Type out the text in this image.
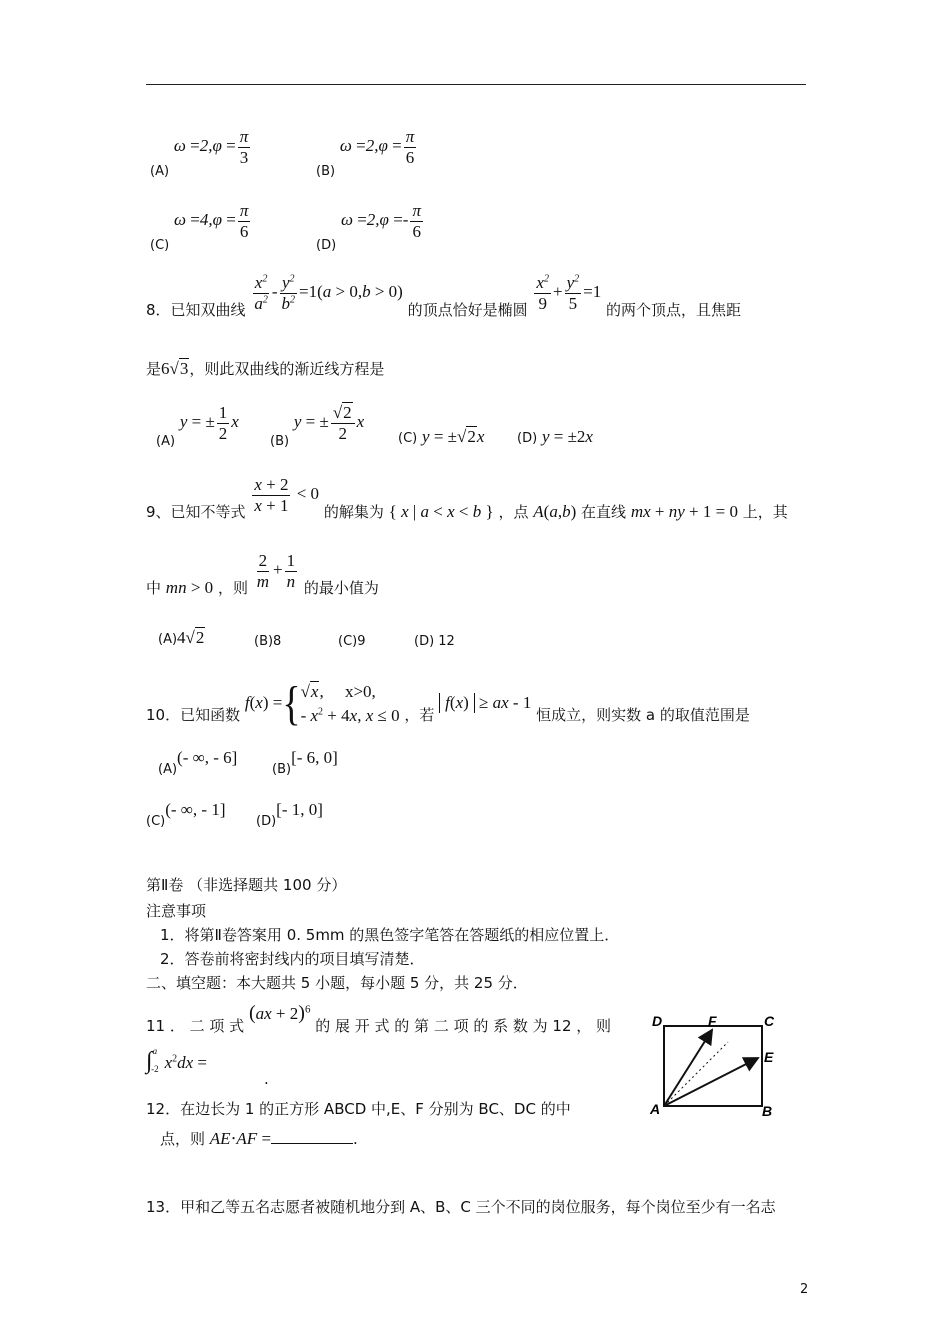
(A) $\omega =2,\varphi = \frac{\pi}{3}$
(B) $\omega =2,\varphi = \frac{\pi}{6}$
(C) $\omega =4,\varphi = \frac{\pi}{6}$
(D) $\omega =2,\varphi =- \frac{\pi}{6}$
8．已知双曲线 $\frac{x^2}{a^2} - \frac{y^2}{b^2} =1(a > 0,b > 0)$ 的顶点恰好是椭圆 $\frac{x^2}{9} + \frac{y^2}{5} =1$ 的两个顶点，且焦距
是6√3，则此双曲线的渐近线方程是
(A) y = ± $\frac{1}{2}$ x
(B) y = ± $\frac{√2}{2}$ x
(C) y = ±√2x	(D) y = ±2x
9、已知不等式 $\frac{x + 2}{x + 1} < 0$ 的解集为 { x | a < x < b } ，点 A(a,b) 在直线 mx + ny + 1 = 0 上，其
中 mn > 0 ，则 $\frac{2}{m} + \frac{1}{n}$ 的最小值为
(A)4√2	(B)8	(C)9	(D) 12
10．已知函数 f(x) ={ √x, x>0,
- $x^2 + 4x$, x ≤ 0 ，若 f(x) ≥ ax - 1 恒成立，则实数 a 的取值范围是
(A)(- ∞, - 6]
(B)[- 6, 0]
(C)(- ∞, - 1]
(D)[- 1, 0]
第Ⅱ卷 （非选择题共 100 分）
注意事项
1．将第Ⅱ卷答案用 0. 5mm 的黑色签字笔答在答题纸的相应位置上．
2．答卷前将密封线内的项目填写清楚．
二、填空题：本大题共 5 小题，每小题 5 分，共 25 分．
11 ． 二 项 式 (ax + 2)$^6$ 的 展 开 式 的 第 二 项 的 系 数 为 12 ， 则
∫$^a_{-2}$ $x^2dx$ =
.
12．在边长为 1 的正方形 ABCD 中,E、F 分别为 BC、DC 的中
点，则 AE⋅AF =	.
13．甲和乙等五名志愿者被随机地分到 A、B、C 三个不同的岗位服务，每个岗位至少有一名志
D	F	C
E
A	B
2
